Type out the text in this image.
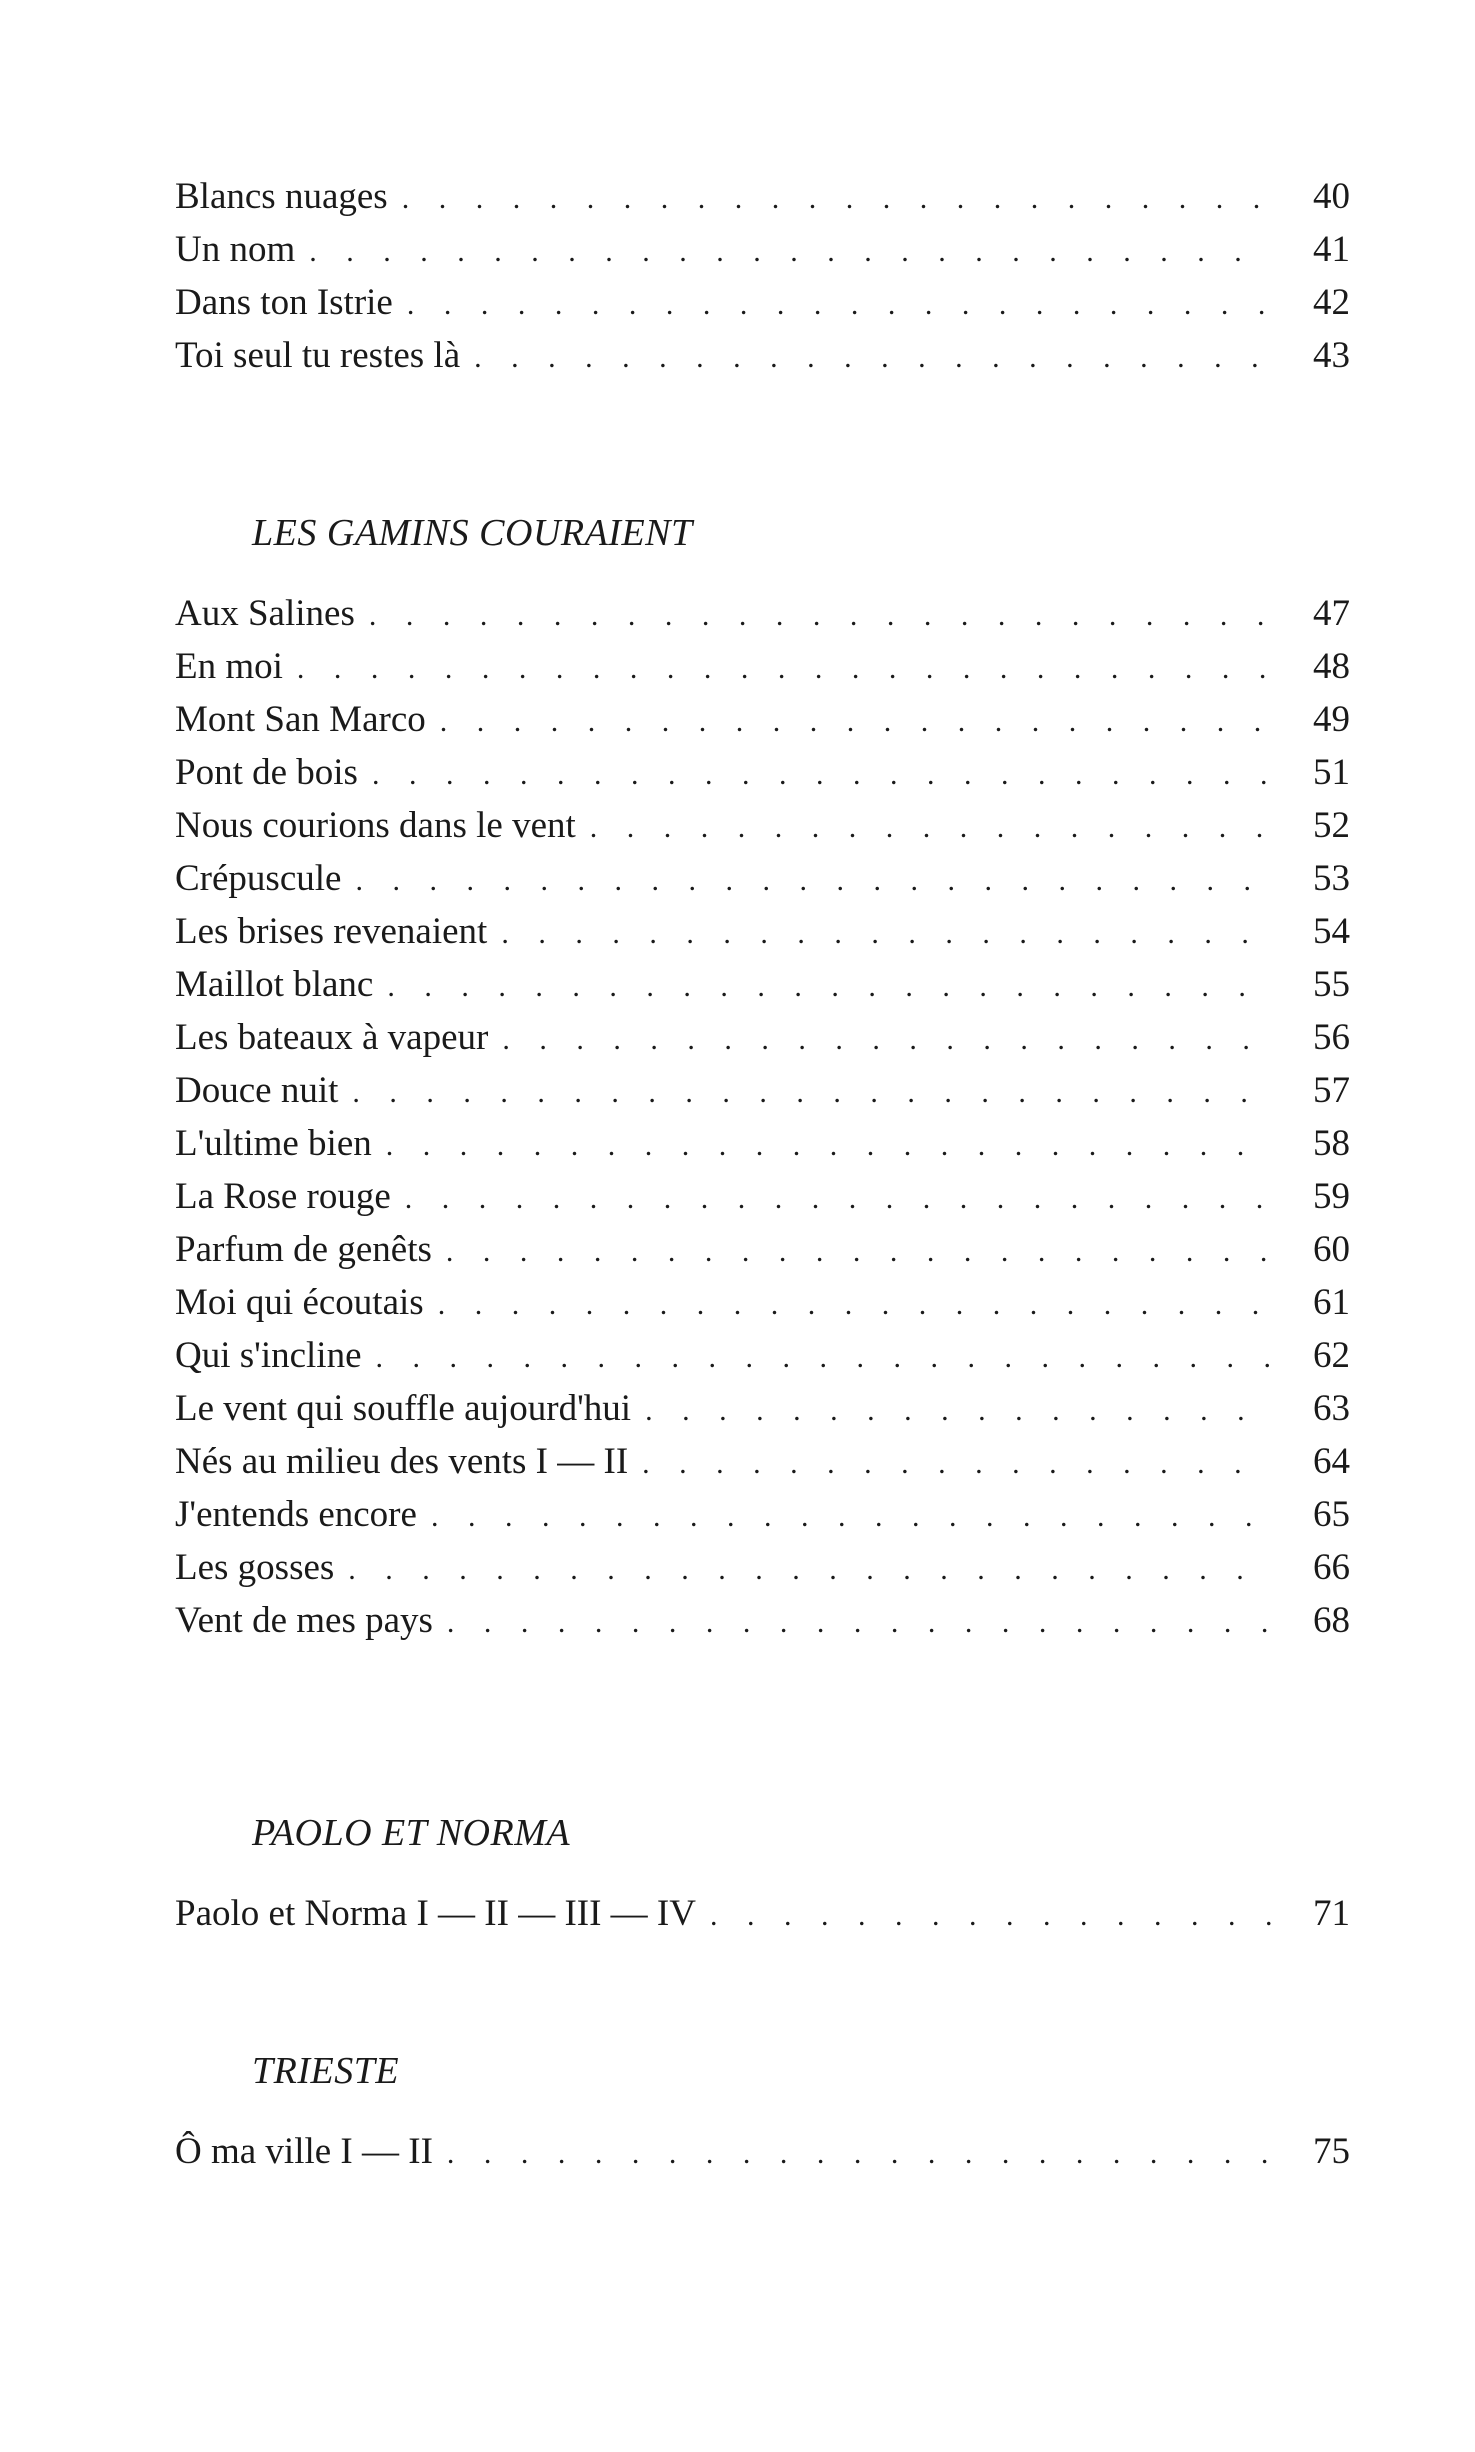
Blancs nuages . . .	40
Un nom . . .	41
Dans ton Istrie . . .	42
Toi seul tu restes là . . .	43
LES GAMINS COURAIENT
Aux Salines . . .	47
En moi . . .	48
Mont San Marco . . .	49
Pont de bois . . .	51
Nous courions dans le vent . . .	52
Crépuscule . . .	53
Les brises revenaient . . .	54
Maillot blanc . . .	55
Les bateaux à vapeur . . .	56
Douce nuit . . .	57
L'ultime bien . . .	58
La Rose rouge . . .	59
Parfum de genêts . . .	60
Moi qui écoutais . . .	61
Qui s'incline . . .	62
Le vent qui souffle aujourd'hui . . .	63
Nés au milieu des vents I — II . . .	64
J'entends encore . . .	65
Les gosses . . .	66
Vent de mes pays . . .	68
PAOLO ET NORMA
Paolo et Norma I — II — III — IV . . .	71
TRIESTE
Ô ma ville I — II . . .	75
